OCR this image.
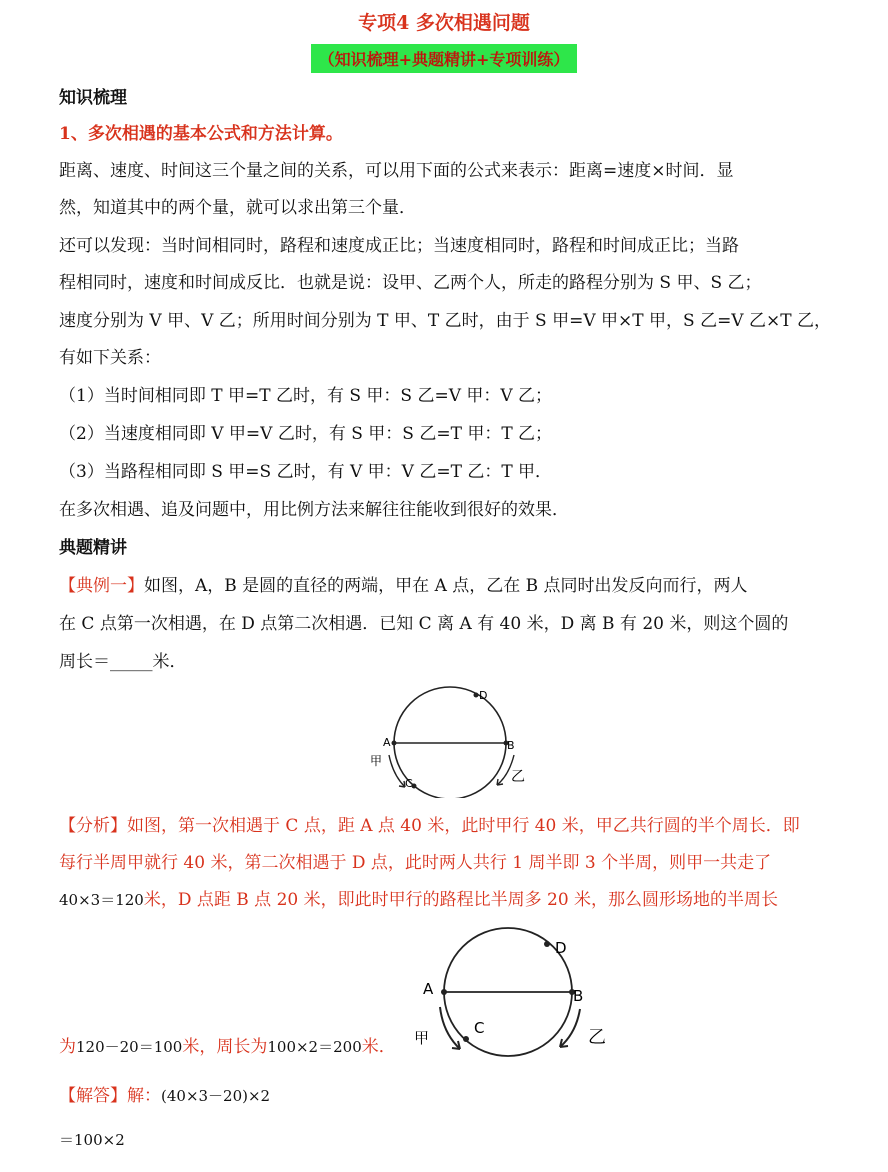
专项4 多次相遇问题
（知识梳理+典题精讲+专项训练）
知识梳理
1、多次相遇的基本公式和方法计算。
距离、速度、时间这三个量之间的关系，可以用下面的公式来表示：距离=速度×时间．显
然，知道其中的两个量，就可以求出第三个量．
还可以发现：当时间相同时，路程和速度成正比；当速度相同时，路程和时间成正比；当路
程相同时，速度和时间成反比．也就是说：设甲、乙两个人，所走的路程分别为 S 甲、S 乙；
速度分别为 V 甲、V 乙；所用时间分别为 T 甲、T 乙时，由于 S 甲=V 甲×T 甲，S 乙=V 乙×T 乙，
有如下关系：
（1）当时间相同即 T 甲=T 乙时，有 S 甲：S 乙=V 甲：V 乙；
（2）当速度相同即 V 甲=V 乙时，有 S 甲：S 乙=T 甲：T 乙；
（3）当路程相同即 S 甲=S 乙时，有 V 甲：V 乙=T 乙：T 甲．
在多次相遇、追及问题中，用比例方法来解往往能收到很好的效果．
典题精讲
【典例一】如图，A，B 是圆的直径的两端，甲在 A 点，乙在 B 点同时出发反向而行，两人
在 C 点第一次相遇，在 D 点第二次相遇．已知 C 离 A 有 40 米，D 离 B 有 20 米，则这个圆的
周长＝_____米．
A	B
D
C
甲
乙
【分析】如图，第一次相遇于 C 点，距 A 点 40 米，此时甲行 40 米，甲乙共行圆的半个周长．即
每行半周甲就行 40 米，第二次相遇于 D 点，此时两人共行 1 周半即 3 个半周，则甲一共走了
40×3＝120米，D 点距 B 点 20 米，即此时甲行的路程比半周多 20 米，那么圆形场地的半周长
A	B
D
C
甲	乙
为120－20＝100米，周长为100×2＝200米．
【解答】解：(40×3－20)×2
＝100×2
